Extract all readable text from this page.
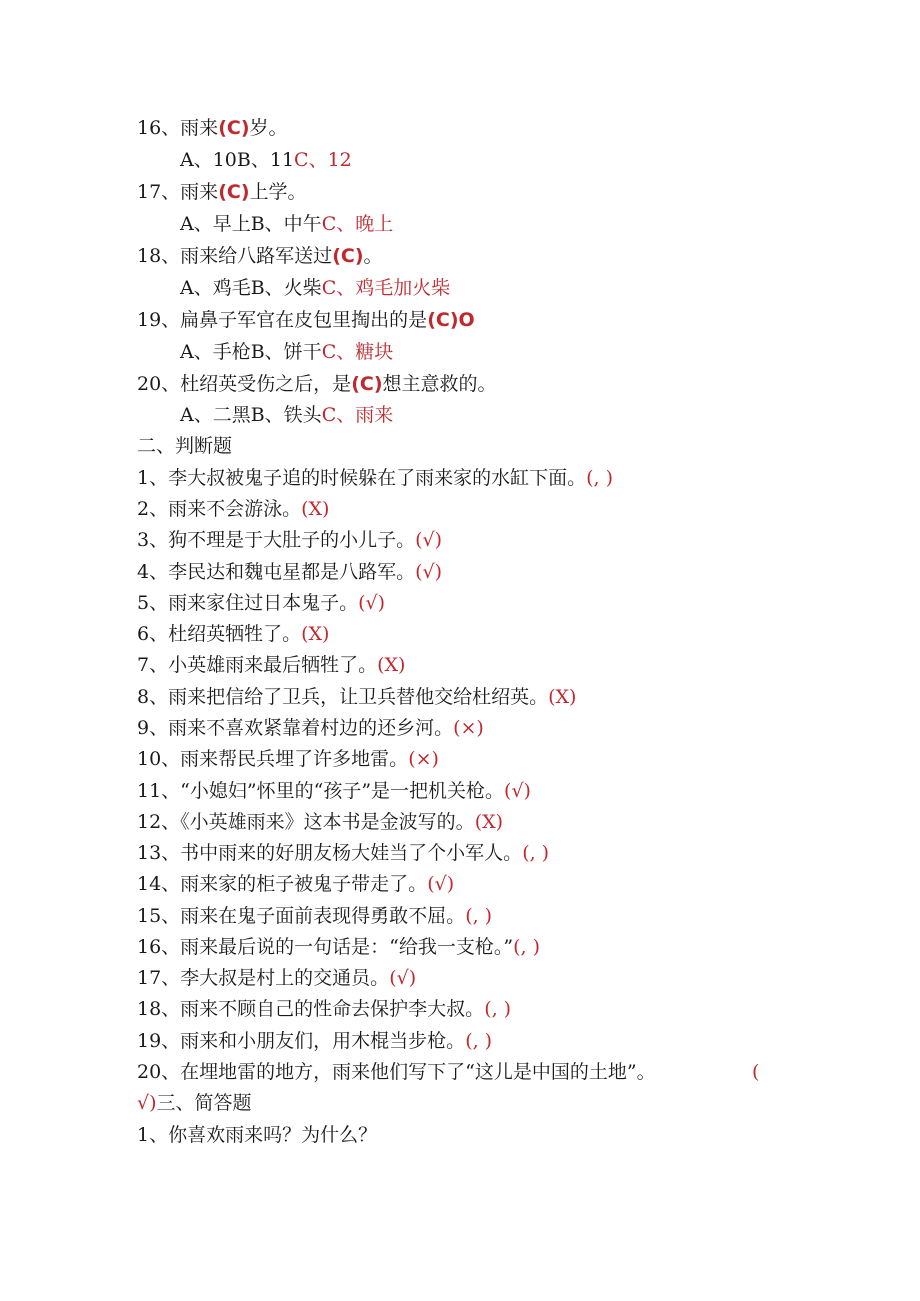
16、雨来(C)岁。
A、10B、11C、12
17、雨来(C)上学。
A、早上B、中午C、晚上
18、雨来给八路军送过(C)。
A、鸡毛B、火柴C、鸡毛加火柴
19、扁鼻子军官在皮包里掏出的是(C)O
A、手枪B、饼干C、糖块
20、杜绍英受伤之后，是(C)想主意救的。
A、二黑B、铁头C、雨来
二、判断题
1、李大叔被鬼子追的时候躲在了雨来家的水缸下面。(, )
2、雨来不会游泳。(X)
3、狗不理是于大肚子的小儿子。(√)
4、李民达和魏屯星都是八路军。(√)
5、雨来家住过日本鬼子。(√)
6、杜绍英牺牲了。(X)
7、小英雄雨来最后牺牲了。(X)
8、雨来把信给了卫兵，让卫兵替他交给杜绍英。(X)
9、雨来不喜欢紧靠着村边的还乡河。(×)
10、雨来帮民兵埋了许多地雷。(×)
11、“小媳妇”怀里的“孩子”是一把机关枪。(√)
12、《小英雄雨来》这本书是金波写的。(X)
13、书中雨来的好朋友杨大娃当了个小军人。(, )
14、雨来家的柜子被鬼子带走了。(√)
15、雨来在鬼子面前表现得勇敢不屈。(, )
16、雨来最后说的一句话是：“给我一支枪。”(, )
17、李大叔是村上的交通员。(√)
18、雨来不顾自己的性命去保护李大叔。(, )
19、雨来和小朋友们，用木棍当步枪。(, )
20、在埋地雷的地方，雨来他们写下了“这儿是中国的土地”。	(
√)三、简答题
1、你喜欢雨来吗？为什么？
